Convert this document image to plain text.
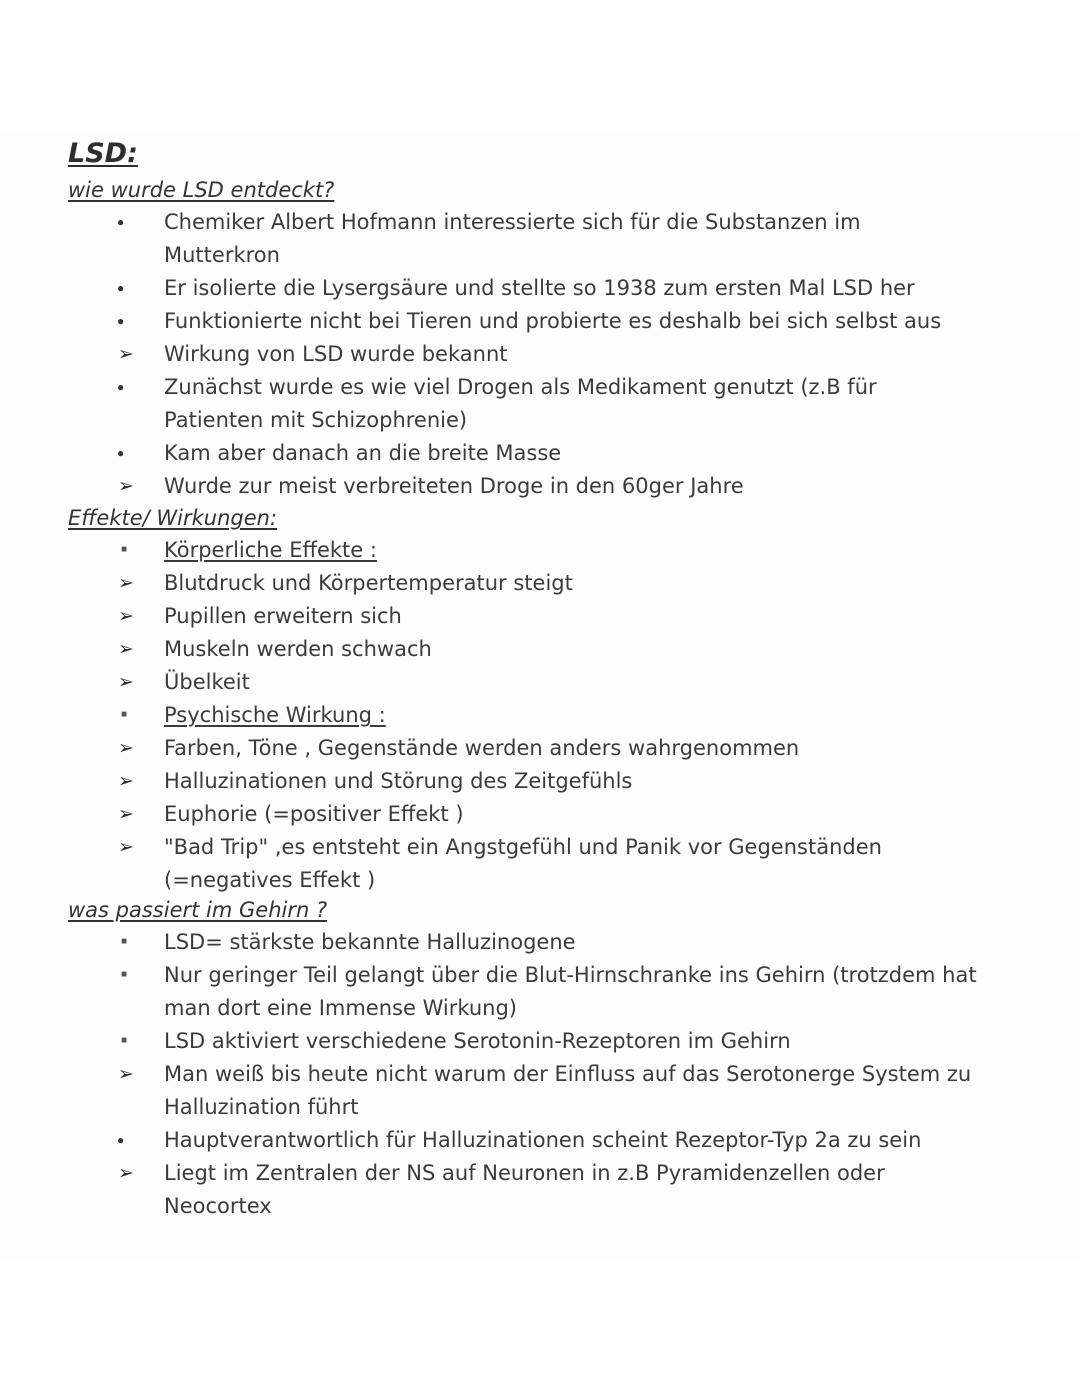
LSD:
wie wurde LSD entdeckt?
● Chemiker Albert Hofmann interessierte sich für die Substanzen im
Mutterkron
● Er isolierte die Lysergsäure und stellte so 1938 zum ersten Mal LSD her
● Funktionierte nicht bei Tieren und probierte es deshalb bei sich selbst aus
➢ Wirkung von LSD wurde bekannt
● Zunächst wurde es wie viel Drogen als Medikament genutzt (z.B für
Patienten mit Schizophrenie)
● Kam aber danach an die breite Masse
➢ Wurde zur meist verbreiteten Droge in den 60ger Jahre
Effekte/ Wirkungen:
■ Körperliche Effekte :
➢ Blutdruck und Körpertemperatur steigt
➢ Pupillen erweitern sich
➢ Muskeln werden schwach
➢ Übelkeit
■ Psychische Wirkung :
➢ Farben, Töne , Gegenstände werden anders wahrgenommen
➢ Halluzinationen und Störung des Zeitgefühls
➢ Euphorie (=positiver Effekt )
➢ "Bad Trip" ,es entsteht ein Angstgefühl und Panik vor Gegenständen
(=negatives Effekt )
was passiert im Gehirn ?
■ LSD= stärkste bekannte Halluzinogene
■ Nur geringer Teil gelangt über die Blut-Hirnschranke ins Gehirn (trotzdem hat
man dort eine Immense Wirkung)
■ LSD aktiviert verschiedene Serotonin-Rezeptoren im Gehirn
➢ Man weiß bis heute nicht warum der Einfluss auf das Serotonerge System zu
Halluzination führt
● Hauptverantwortlich für Halluzinationen scheint Rezeptor-Typ 2a zu sein
➢ Liegt im Zentralen der NS auf Neuronen in z.B Pyramidenzellen oder
Neocortex
